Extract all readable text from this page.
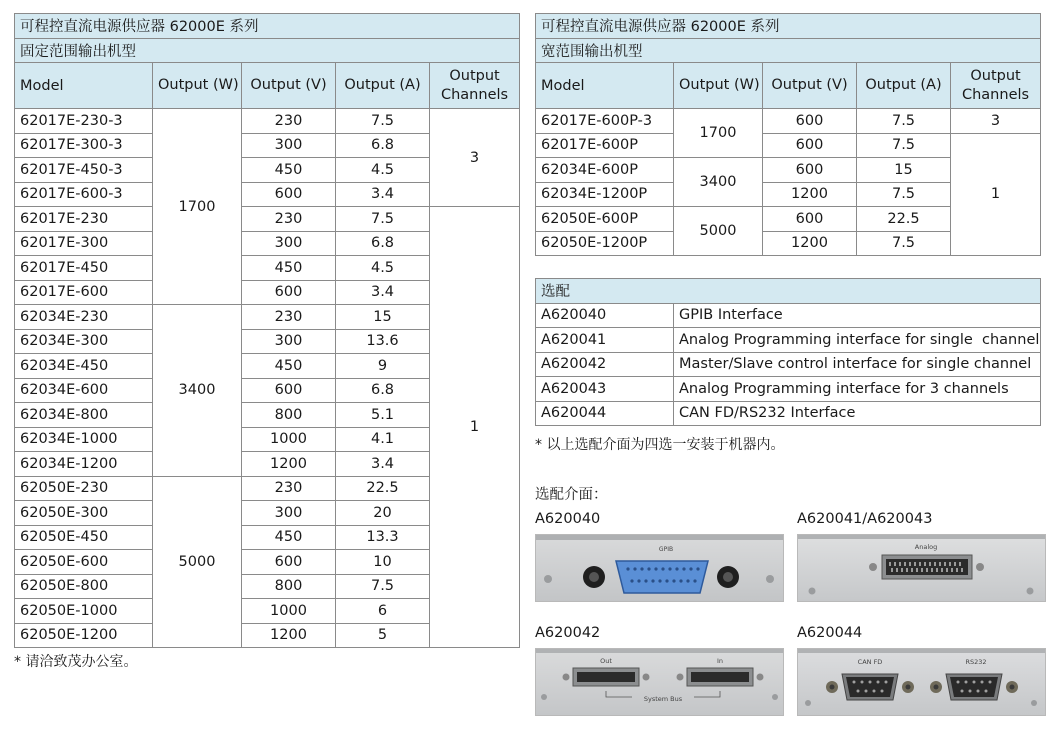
可程控直流电源供应器 62000E 系列				
固定范围输出机型				
Model	Output (W)	Output (V)	Output (A)	Output Channels
62017E-230-3	1700	230	7.5	3
62017E-300-3		300	6.8	
62017E-450-3		450	4.5	
62017E-600-3		600	3.4	
62017E-230		230	7.5	1
62017E-300		300	6.8	
62017E-450		450	4.5	
62017E-600		600	3.4	
62034E-230	3400	230	15	
62034E-300		300	13.6	
62034E-450		450	9	
62034E-600		600	6.8	
62034E-800		800	5.1	
62034E-1000		1000	4.1	
62034E-1200		1200	3.4	
62050E-230	5000	230	22.5	
62050E-300		300	20	
62050E-450		450	13.3	
62050E-600		600	10	
62050E-800		800	7.5	
62050E-1000		1000	6	
62050E-1200		1200	5	
* 请洽致茂办公室。
可程控直流电源供应器 62000E 系列				
宽范围输出机型				
Model	Output (W)	Output (V)	Output (A)	Output Channels
62017E-600P-3	1700	600	7.5	3
62017E-600P		600	7.5	1
62034E-600P	3400	600	15	
62034E-1200P		1200	7.5	
62050E-600P	5000	600	22.5	
62050E-1200P		1200	7.5	
选配	
A620040	GPIB Interface
A620041	Analog Programming interface for single  channel
A620042	Master/Slave control interface for single channel
A620043	Analog Programming interface for 3 channels
A620044	CAN FD/RS232 Interface
* 以上选配介面为四选一安装于机器内。
选配介面：
A620040
GPIB
A620041/A620043
Analog
A620042
Out	In
System Bus
A620044
CAN FD	RS232
